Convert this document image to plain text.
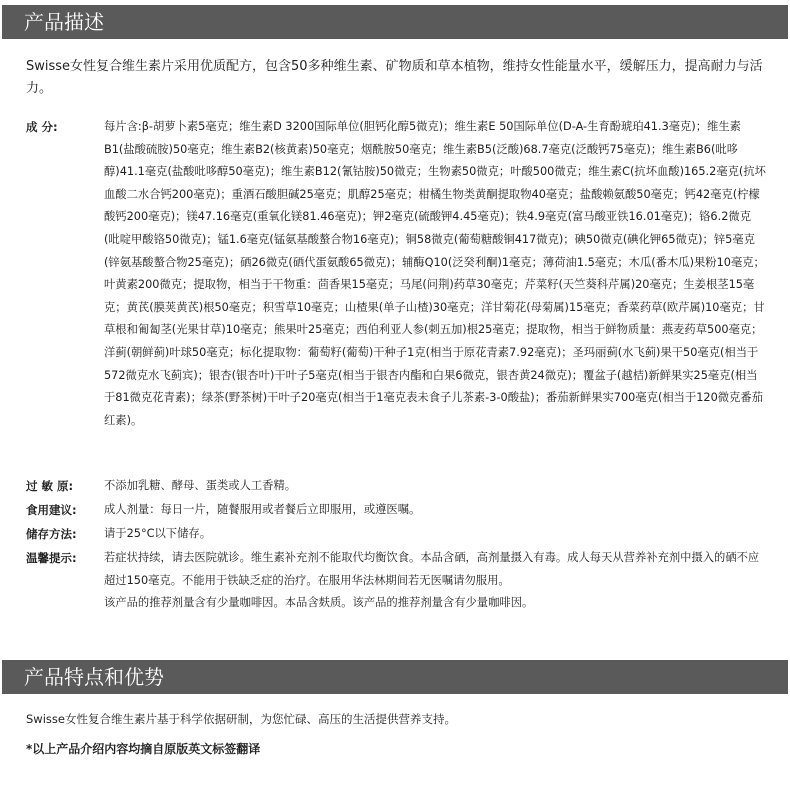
产品描述
Swisse女性复合维生素片采用优质配方，包含50多种维生素、矿物质和草本植物，维持女性能量水平，缓解压力，提高耐力与活力。
成 分:	每片含:β-胡萝卜素5毫克；维生素D 3200国际单位(胆钙化醇5微克)；维生素E 50国际单位(D-A-生育酚琥珀41.3毫克)；维生素B1(盐酸硫胺)50毫克；维生素B2(核黄素)50毫克；烟酰胺50毫克；维生素B5(泛酸)68.7毫克(泛酸钙75毫克)；维生素B6(吡哆醇)41.1毫克(盐酸吡哆醇50毫克)；维生素B12(氰钴胺)50微克；生物素50微克；叶酸500微克；维生素C(抗坏血酸)165.2毫克(抗坏血酸二水合钙200毫克)；重酒石酸胆碱25毫克；肌醇25毫克；柑橘生物类黄酮提取物40毫克；盐酸赖氨酸50毫克；钙42毫克(柠檬酸钙200毫克)；镁47.16毫克(重氧化镁81.46毫克)；钾2毫克(硫酸钾4.45毫克)；铁4.9毫克(富马酸亚铁16.01毫克)；铬6.2微克(吡啶甲酸铬50微克)；锰1.6毫克(锰氨基酸螯合物16毫克)；铜58微克(葡萄糖酸铜417微克)；碘50微克(碘化钾65微克)；锌5毫克(锌氨基酸螯合物25毫克)；硒26微克(硒代蛋氨酸65微克)；辅酶Q10(泛癸利酮)1毫克；薄荷油1.5毫克；木瓜(番木瓜)果粉10毫克；叶黄素200微克；提取物，相当于干物重：茴香果15毫克；马尾(问荆)药草30毫克；芹菜籽(天竺葵科芹属)20毫克；生姜根茎15毫克；黄芪(膜荚黄芪)根50毫克；积雪草10毫克；山楂果(单子山楂)30毫克；洋甘菊花(母菊属)15毫克；香菜药草(欧芹属)10毫克；甘草根和匍匐茎(光果甘草)10毫克；熊果叶25毫克；西伯利亚人参(刺五加)根25毫克；提取物，相当于鲜物质量：燕麦药草500毫克；洋蓟(朝鲜蓟)叶球50毫克；标化提取物：葡萄籽(葡萄)干种子1克(相当于原花青素7.92毫克)；圣玛丽蓟(水飞蓟)果干50毫克(相当于572微克水飞蓟宾)；银杏(银杏叶)干叶子5毫克(相当于银杏内酯和白果6微克，银杏黄24微克)；覆盆子(越桔)新鲜果实25毫克(相当于81微克花青素)；绿茶(野茶树)干叶子20毫克(相当于1毫克表未食子儿茶素-3-0酸盐)；番茄新鲜果实700毫克(相当于120微克番茄红素)。
过 敏 原:	不添加乳糖、酵母、蛋类或人工香精。
食用建议:	成人剂量：每日一片，随餐服用或者餐后立即服用，或遵医嘱。
储存方法:	请于25°C以下储存。
温馨提示:	若症状持续，请去医院就诊。维生素补充剂不能取代均衡饮食。本品含硒，高剂量摄入有毒。成人每天从营养补充剂中摄入的硒不应超过150毫克。不能用于铁缺乏症的治疗。在服用华法林期间若无医嘱请勿服用。

该产品的推荐剂量含有少量咖啡因。本品含麸质。该产品的推荐剂量含有少量咖啡因。

产品特点和优势
Swisse女性复合维生素片基于科学依据研制，为您忙碌、高压的生活提供营养支持。
*以上产品介绍内容均摘自原版英文标签翻译
